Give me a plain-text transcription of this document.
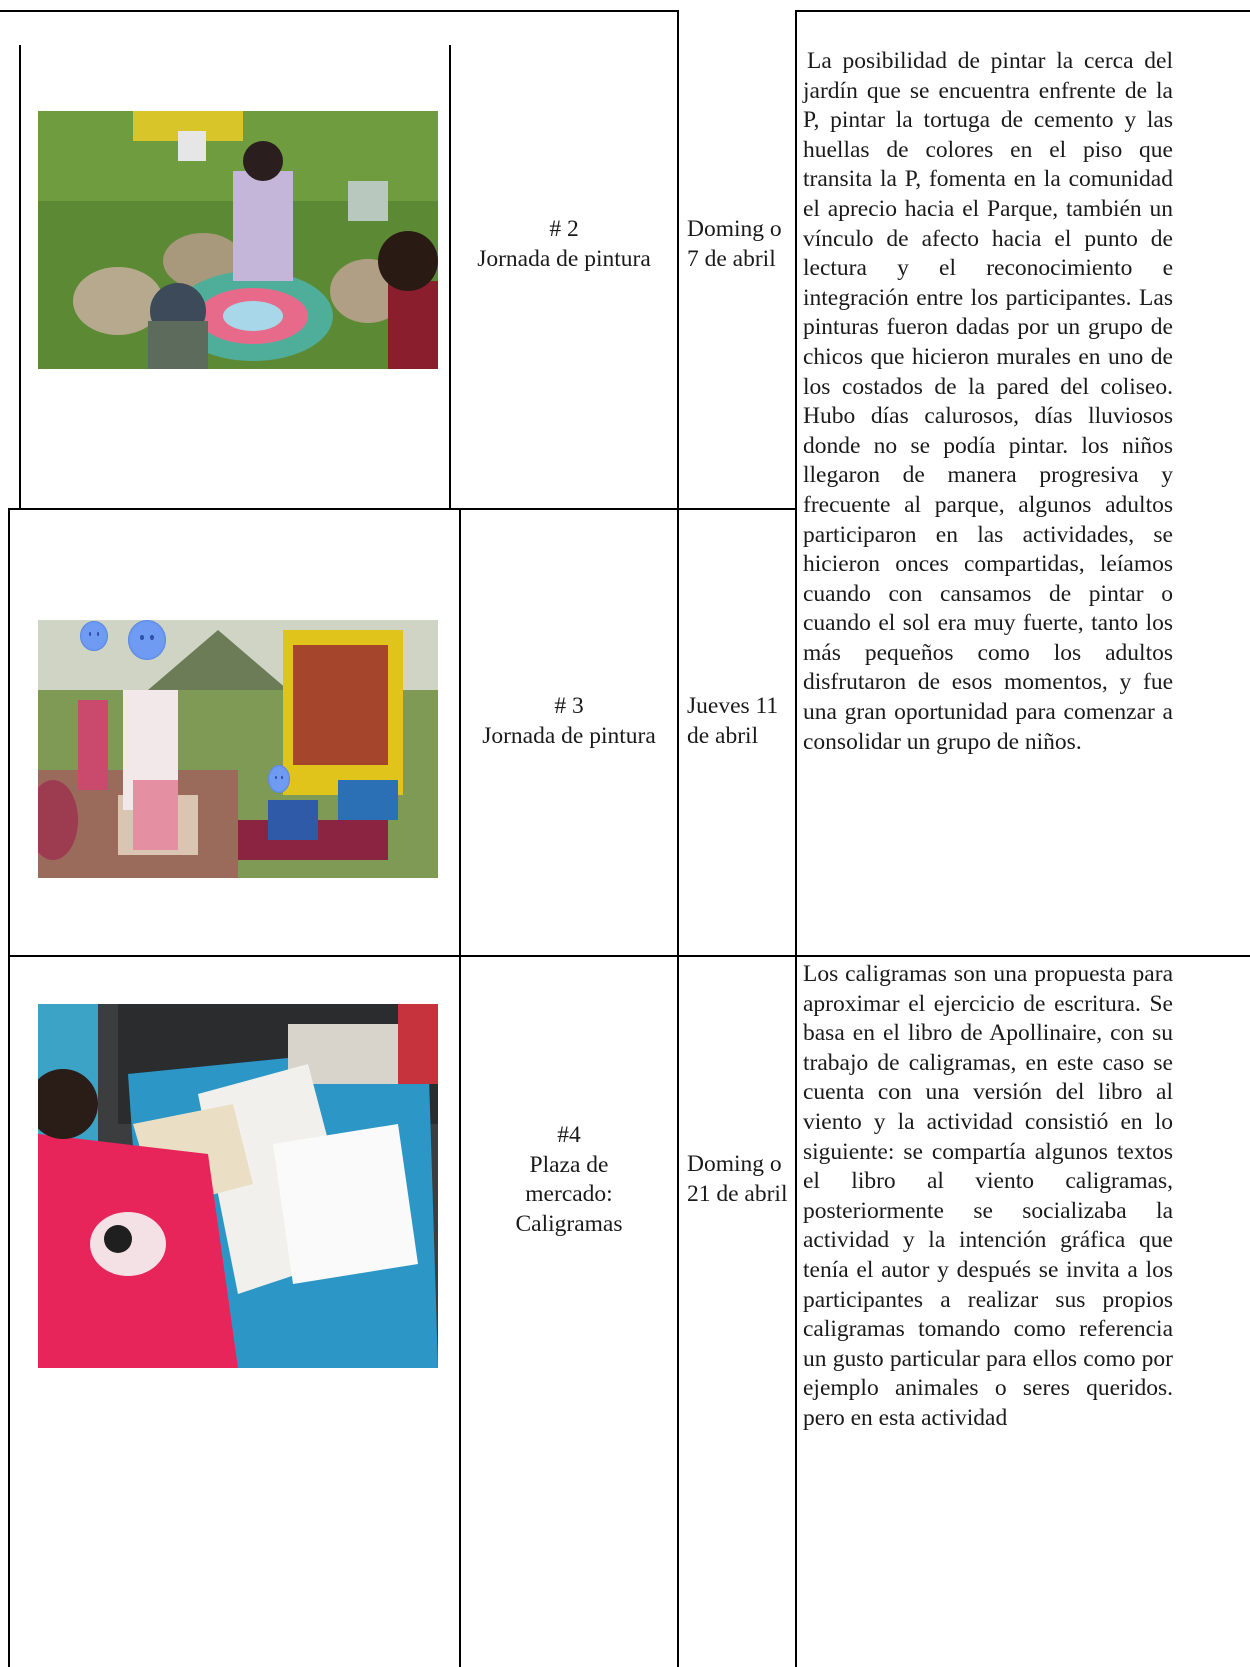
# 2
Jornada de pintura
Doming o 7 de abril
# 3
Jornada de pintura
Jueves 11 de abril
#4
Plaza de mercado: Caligramas
Doming o 21 de abril
La posibilidad de pintar la cerca del jardín que se encuentra enfrente de la P, pintar la tortuga de cemento y las huellas de colores en el piso que transita la P, fomenta en la comunidad el aprecio hacia el Parque, también un vínculo de afecto hacia el punto de lectura y el reconocimiento e integración entre los participantes. Las pinturas fueron dadas por un grupo de chicos que hicieron murales en uno de los costados de la pared del coliseo. Hubo días calurosos, días lluviosos donde no se podía pintar. los niños llegaron de manera progresiva y frecuente al parque, algunos adultos participaron en las actividades, se hicieron onces compartidas, leíamos cuando con cansamos de pintar o cuando el sol era muy fuerte, tanto los más pequeños como los adultos disfrutaron de esos momentos, y fue una gran oportunidad para comenzar a consolidar un grupo de niños.
Los caligramas son una propuesta para aproximar el ejercicio de escritura. Se basa en el libro de Apollinaire, con su trabajo de caligramas, en este caso se cuenta con una versión del libro al viento y la actividad consistió en lo siguiente: se compartía algunos textos el libro al viento caligramas, posteriormente se socializaba la actividad y la intención gráfica que tenía el autor y después se invita a los participantes a realizar sus propios caligramas tomando como referencia un gusto particular para ellos como por ejemplo animales o seres queridos. pero en esta actividad
